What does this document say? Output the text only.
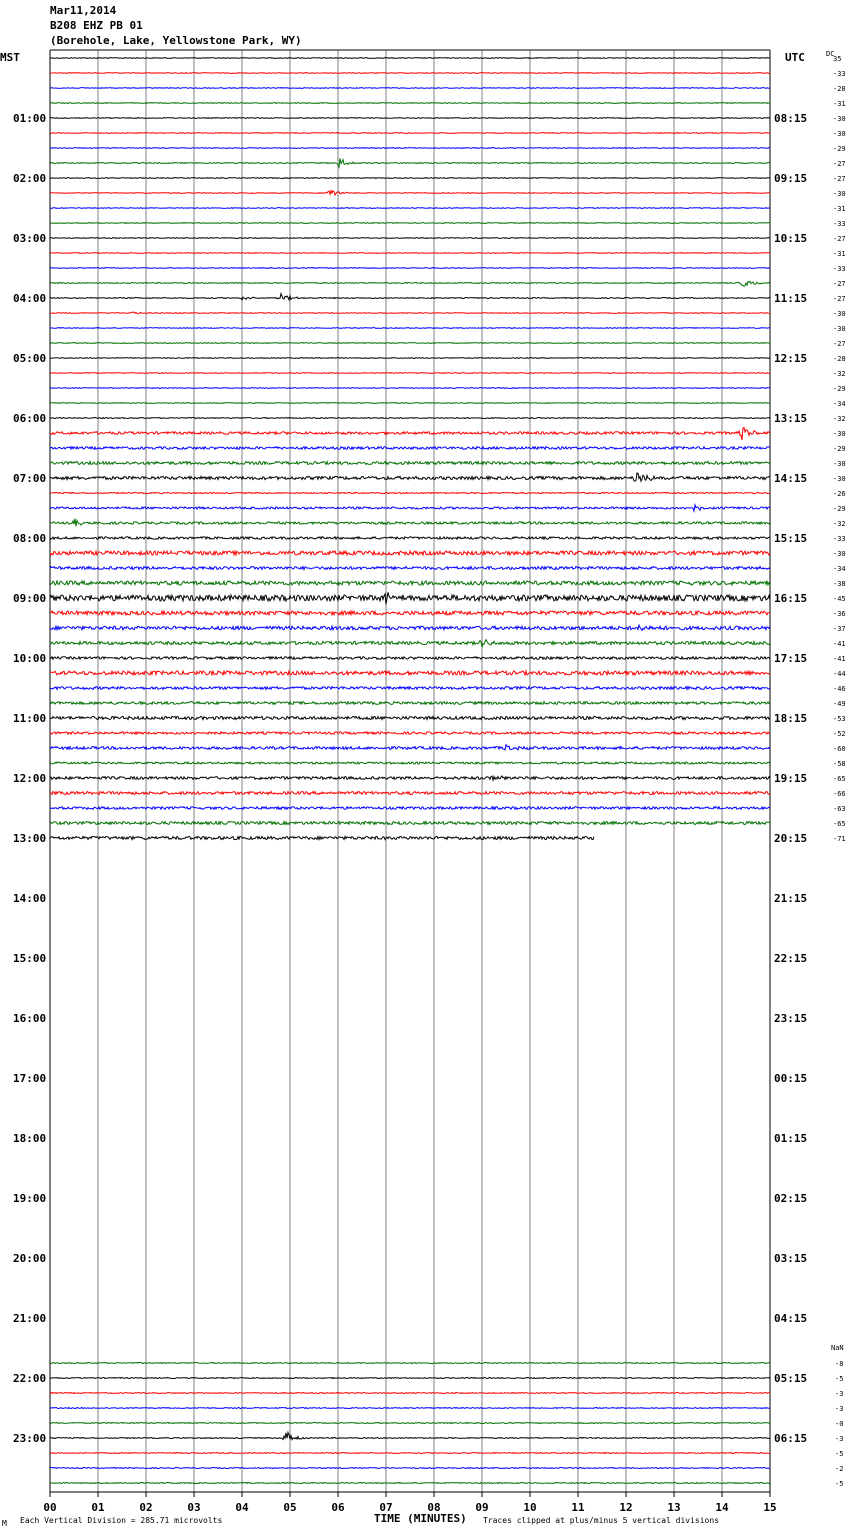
Mar11,2014
B208 EHZ PB 01
(Borehole, Lake, Yellowstone Park, WY)
00	01	02	03	04	05	06	07	08	09	10	11	12	13	14	15
01:00	08:15
02:00	09:15
03:00	10:15
04:00	11:15
05:00	12:15
06:00	13:15
07:00	14:15
08:00	15:15
09:00	16:15
10:00	17:15
11:00	18:15
12:00	19:15
13:00	20:15
14:00	21:15
15:00	22:15
16:00	23:15
17:00	00:15
18:00	01:15
19:00	02:15
20:00	03:15
21:00	04:15
22:00	05:15
23:00	06:15
35
-33
-28
-31
-30
-30
-29
-27
-27
-30
-31
-33
-27
-31
-33
-27
-27
-30
-30
-27
-28
-32
-29
-34
-32
-30
-29
-30
-30
-26
-29
-32
-33
-30
-34
-38
-45
-36
-37
-41
-41
-44
-46
-49
-53
-52
-60
-58
-65
-66
-63
-65
-71
-8
-5
-3
-3
-0
-3
-5
-2
-5
MST	UTC	DC
NaN
TIME (MINUTES)
Each Vertical Division = 285.71 microvolts	Traces clipped at plus/minus 5 vertical divisions
M
